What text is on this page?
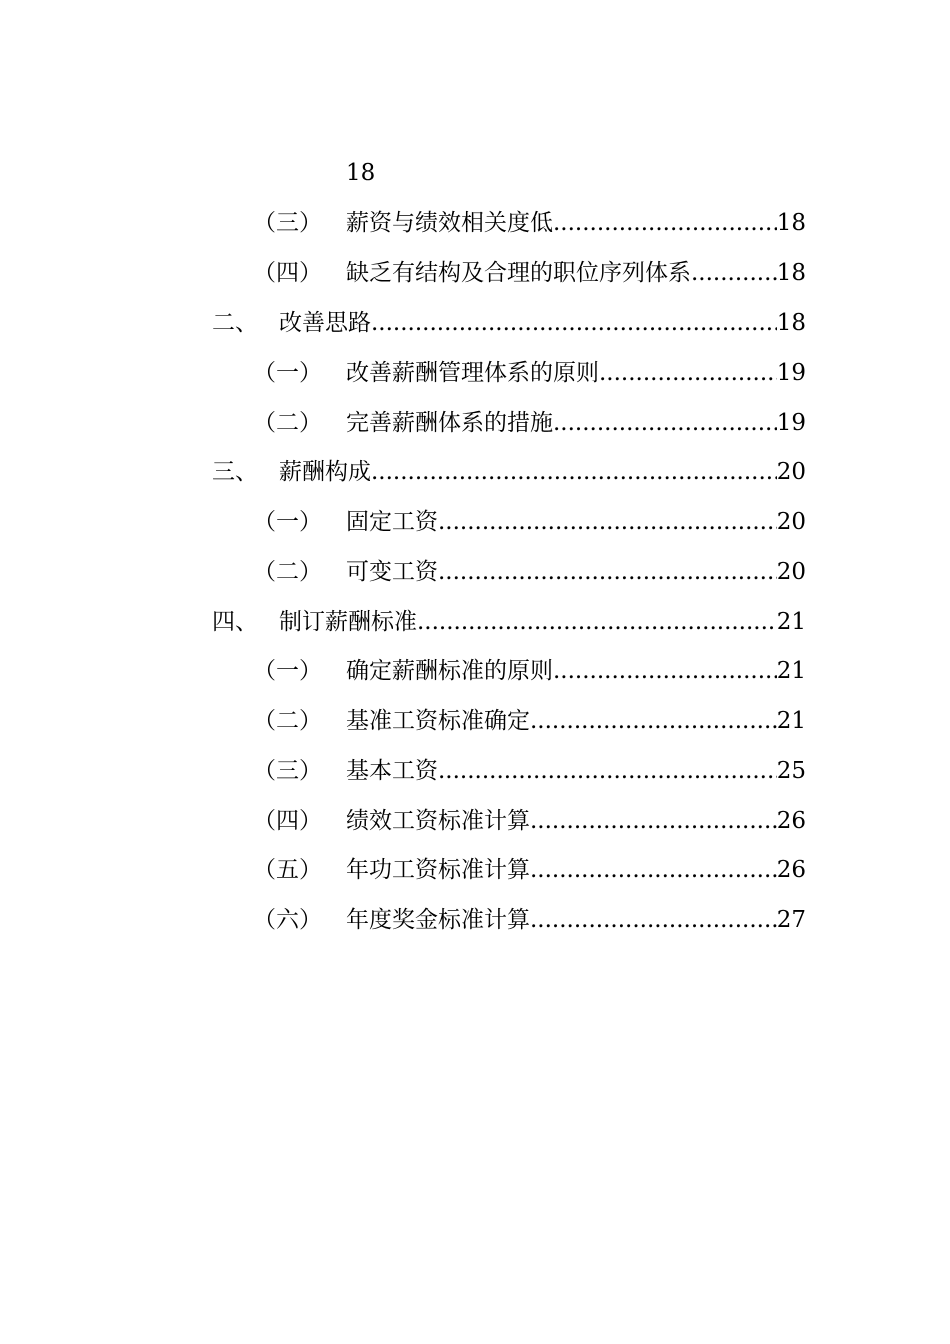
18
（三） 薪资与绩效相关度低 .....	18
（四） 缺乏有结构及合理的职位序列体系 .....	18
二、 改善思路 .....	18
（一） 改善薪酬管理体系的原则 .....	19
（二） 完善薪酬体系的措施 .....	19
三、 薪酬构成 .....	20
（一） 固定工资 .....	20
（二） 可变工资 .....	20
四、 制订薪酬标准 .....	21
（一） 确定薪酬标准的原则 .....	21
（二） 基准工资标准确定 .....	21
（三） 基本工资 .....	25
（四） 绩效工资标准计算 .....	26
（五） 年功工资标准计算 .....	26
（六） 年度奖金标准计算 .....	27
